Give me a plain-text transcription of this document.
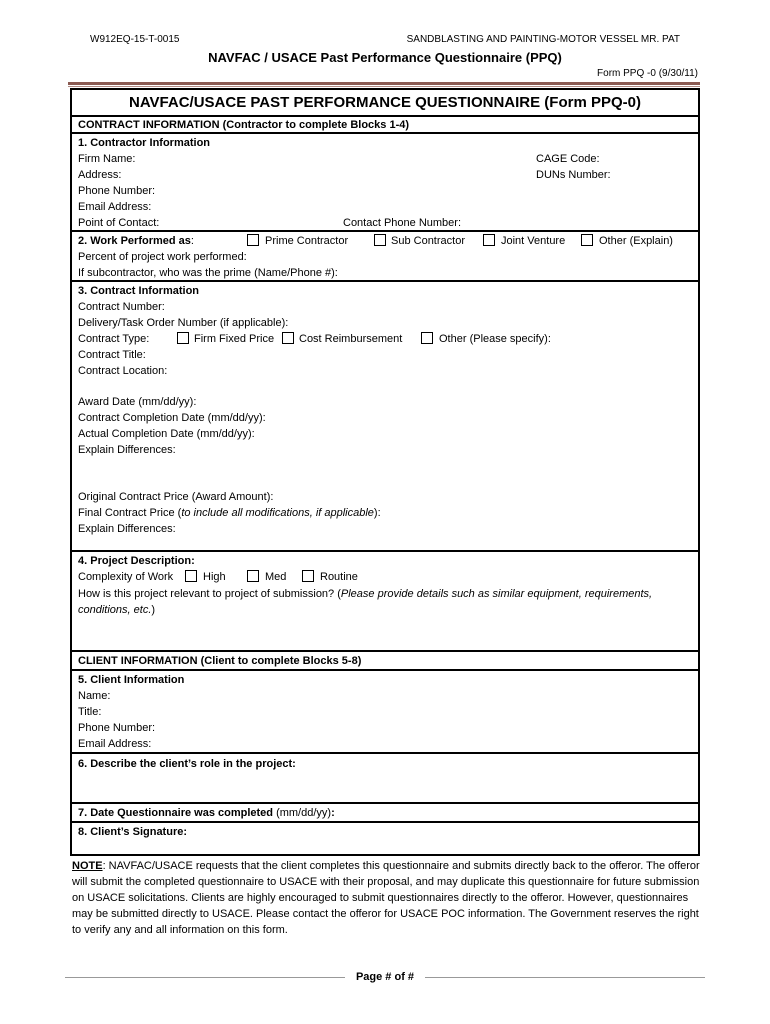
W912EQ-15-T-0015	SANDBLASTING AND PAINTING-MOTOR VESSEL MR. PAT
NAVFAC / USACE Past Performance Questionnaire (PPQ)
Form PPQ -0 (9/30/11)
NAVFAC/USACE PAST PERFORMANCE QUESTIONNAIRE (Form PPQ-0)
CONTRACT INFORMATION (Contractor to complete Blocks 1-4)
1. Contractor Information
Firm Name:	CAGE Code:
Address:	DUNs Number:
Phone Number:
Email Address:
Point of Contact:	Contact Phone Number:
2. Work Performed as:	Prime Contractor	Sub Contractor	Joint Venture	Other (Explain)
Percent of project work performed:
If subcontractor, who was the prime (Name/Phone #):
3. Contract Information
Contract Number:
Delivery/Task Order Number (if applicable):
Contract Type:	Firm Fixed Price Cost Reimbursement	Other (Please specify):
Contract Title:
Contract Location:
Award Date (mm/dd/yy):
Contract Completion Date (mm/dd/yy):
Actual Completion Date (mm/dd/yy):
Explain Differences:
Original Contract Price (Award Amount):
Final Contract Price (to include all modifications, if applicable):
Explain Differences:
4. Project Description:
Complexity of Work	High	Med	Routine
How is this project relevant to project of submission? (Please provide details such as similar equipment, requirements, conditions, etc.)
CLIENT INFORMATION (Client to complete Blocks 5-8)
5. Client Information
Name:
Title:
Phone Number:
Email Address:
6. Describe the client’s role in the project:
7. Date Questionnaire was completed (mm/dd/yy):
8. Client’s Signature:
NOTE: NAVFAC/USACE requests that the client completes this questionnaire and submits directly back to the offeror. The offeror will submit the completed questionnaire to USACE with their proposal, and may duplicate this questionnaire for future submission on USACE solicitations. Clients are highly encouraged to submit questionnaires directly to the offeror. However, questionnaires may be submitted directly to USACE. Please contact the offeror for USACE POC information. The Government reserves the right to verify any and all information on this form.
Page # of #
